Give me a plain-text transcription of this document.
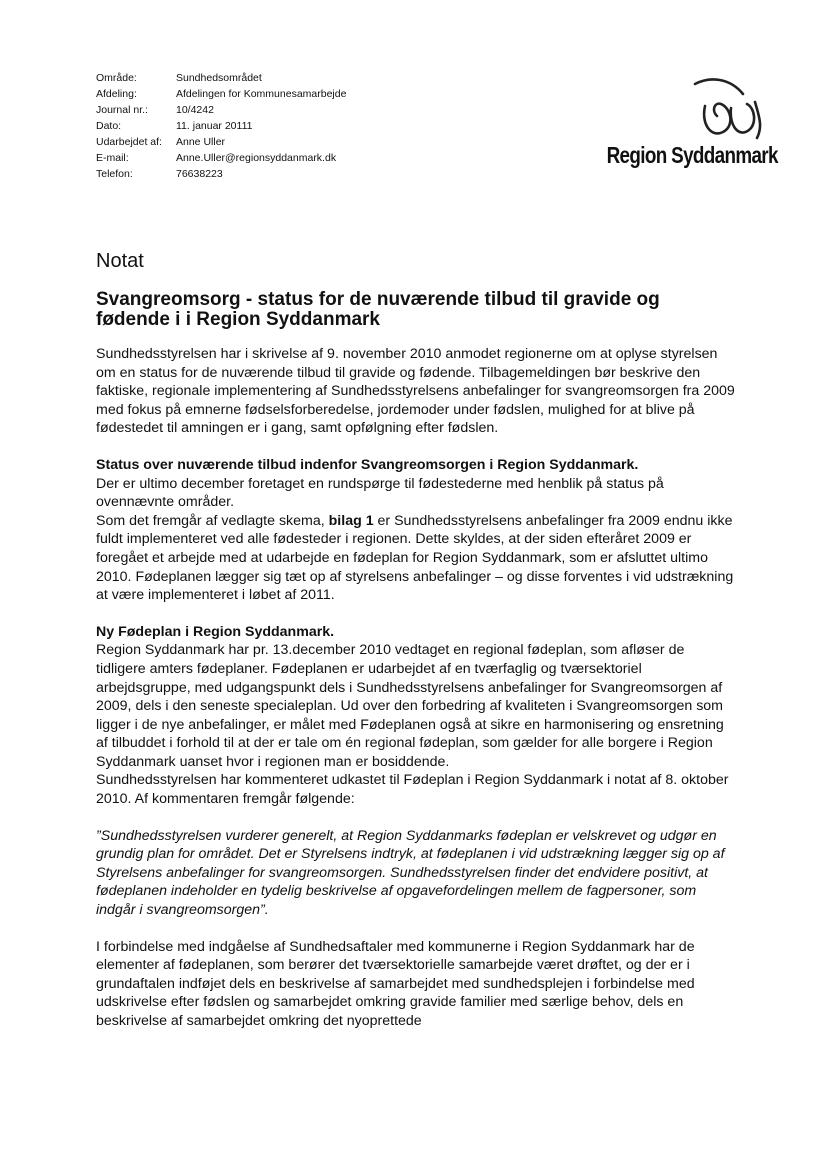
Område:	Sundhedsområdet
Afdeling:	Afdelingen for Kommunesamarbejde
Journal nr.:	10/4242
Dato:	11. januar 20111
Udarbejdet af:	Anne Uller
E-mail:	Anne.Uller@regionsyddanmark.dk
Telefon:	76638223
Region Syddanmark
Notat
Svangreomsorg - status for de nuværende tilbud til gravide og fødende i i Region Syddanmark

Sundhedsstyrelsen har i skrivelse af 9. november 2010 anmodet regionerne om at oplyse styrelsen om en status for de nuværende tilbud til gravide og fødende. Tilbagemeldingen bør beskrive den faktiske, regionale implementering af Sundhedsstyrelsens anbefalinger for svangreomsorgen fra 2009 med fokus på emnerne fødselsforberedelse, jordemoder under fødslen, mulighed for at blive på fødestedet til amningen er i gang, samt opfølgning efter fødslen.

Status over nuværende tilbud indenfor Svangreomsorgen i Region Syddanmark.

Der er ultimo december foretaget en rundspørge til fødestederne med henblik på status på ovennævnte områder.

Som det fremgår af vedlagte skema, bilag 1 er Sundhedsstyrelsens anbefalinger fra 2009 endnu ikke fuldt implementeret ved alle fødesteder i regionen. Dette skyldes, at der siden efteråret 2009 er foregået et arbejde med at udarbejde en fødeplan for Region Syddanmark, som er afsluttet ultimo 2010. Fødeplanen lægger sig tæt op af styrelsens anbefalinger – og disse forventes i vid udstrækning at være implementeret i løbet af 2011.

Ny Fødeplan i Region Syddanmark.

Region Syddanmark har pr. 13.december 2010 vedtaget en regional fødeplan, som afløser de tidligere amters fødeplaner. Fødeplanen er udarbejdet af en tværfaglig og tværsektoriel arbejdsgruppe, med udgangspunkt dels i Sundhedsstyrelsens anbefalinger for Svangreomsorgen af 2009, dels i den seneste specialeplan. Ud over den forbedring af kvaliteten i Svangreomsorgen som ligger i de nye anbefalinger, er målet med Fødeplanen også at sikre en harmonisering og ensretning af tilbuddet i forhold til at der er tale om én regional fødeplan, som gælder for alle borgere i Region Syddanmark uanset hvor i regionen man er bosiddende.

Sundhedsstyrelsen har kommenteret udkastet til Fødeplan i Region Syddanmark i notat af 8. oktober 2010. Af kommentaren fremgår følgende:

”Sundhedsstyrelsen vurderer generelt, at Region Syddanmarks fødeplan er velskrevet og udgør en grundig plan for området. Det er Styrelsens indtryk, at fødeplanen i vid udstrækning lægger sig op af Styrelsens anbefalinger for svangreomsorgen. Sundhedsstyrelsen finder det endvidere positivt, at fødeplanen indeholder en tydelig beskrivelse af opgavefordelingen mellem de fagpersoner, som indgår i svangreomsorgen”.

I forbindelse med indgåelse af Sundhedsaftaler med kommunerne i Region Syddanmark har de elementer af fødeplanen, som berører det tværsektorielle samarbejde været drøftet, og der er i grundaftalen indføjet dels en beskrivelse af samarbejdet med sundhedsplejen i forbindelse med udskrivelse efter fødslen og samarbejdet omkring gravide familier med særlige behov, dels en beskrivelse af samarbejdet omkring det nyoprettede
